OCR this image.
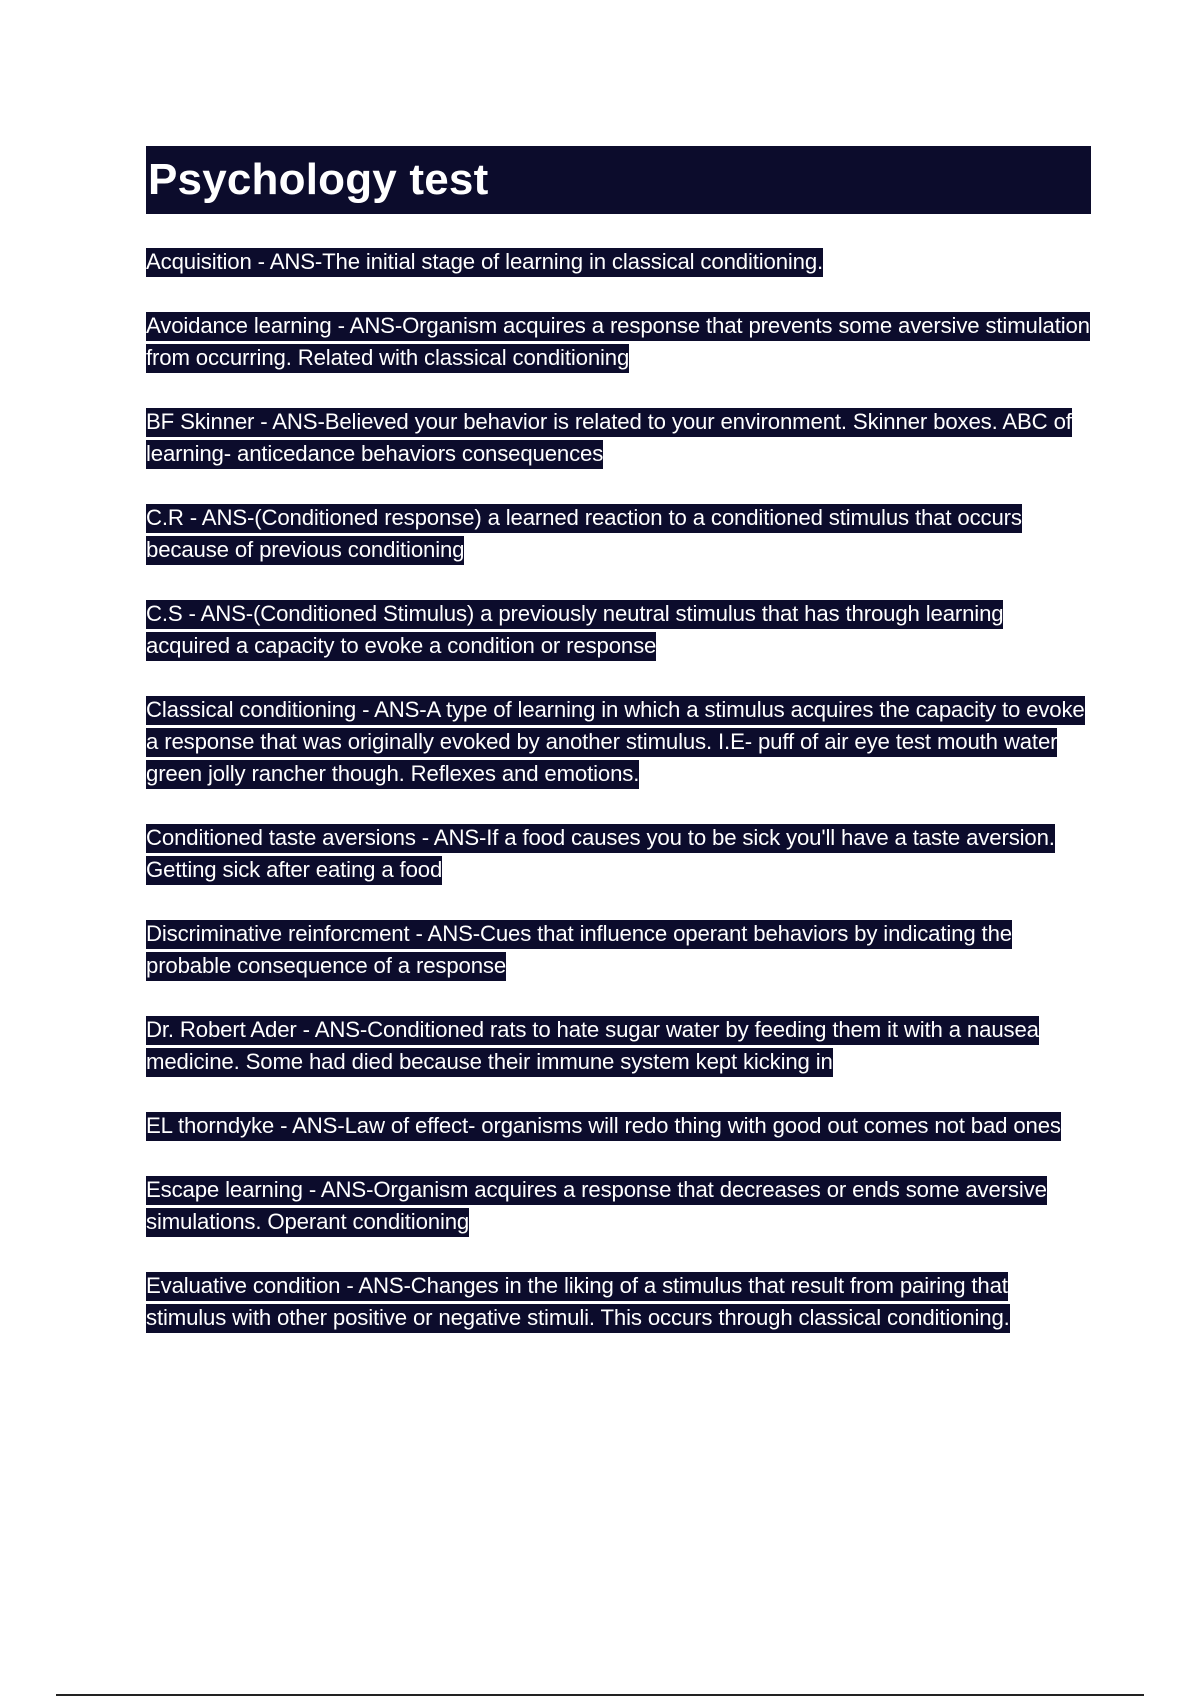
Psychology test

Acquisition - ANS-The initial stage of learning in classical conditioning.

Avoidance learning - ANS-Organism acquires a response that prevents some aversive stimulation from occurring. Related with classical conditioning

BF Skinner - ANS-Believed your behavior is related to your environment. Skinner boxes. ABC of learning- anticedance behaviors consequences

C.R - ANS-(Conditioned response) a learned reaction to a conditioned stimulus that occurs because of previous conditioning

C.S - ANS-(Conditioned Stimulus) a previously neutral stimulus that has through learning acquired a capacity to evoke a condition or response

Classical conditioning - ANS-A type of learning in which a stimulus acquires the capacity to evoke a response that was originally evoked by another stimulus. I.E- puff of air eye test mouth water green jolly rancher though. Reflexes and emotions.

Conditioned taste aversions - ANS-If a food causes you to be sick you'll have a taste aversion. Getting sick after eating a food

Discriminative reinforcment - ANS-Cues that influence operant behaviors by indicating the probable consequence of a response

Dr. Robert Ader - ANS-Conditioned rats to hate sugar water by feeding them it with a nausea medicine. Some had died because their immune system kept kicking in

EL thorndyke - ANS-Law of effect- organisms will redo thing with good out comes not bad ones

Escape learning - ANS-Organism acquires a response that decreases or ends some aversive simulations. Operant conditioning

Evaluative condition - ANS-Changes in the liking of a stimulus that result from pairing that stimulus with other positive or negative stimuli. This occurs through classical conditioning.
